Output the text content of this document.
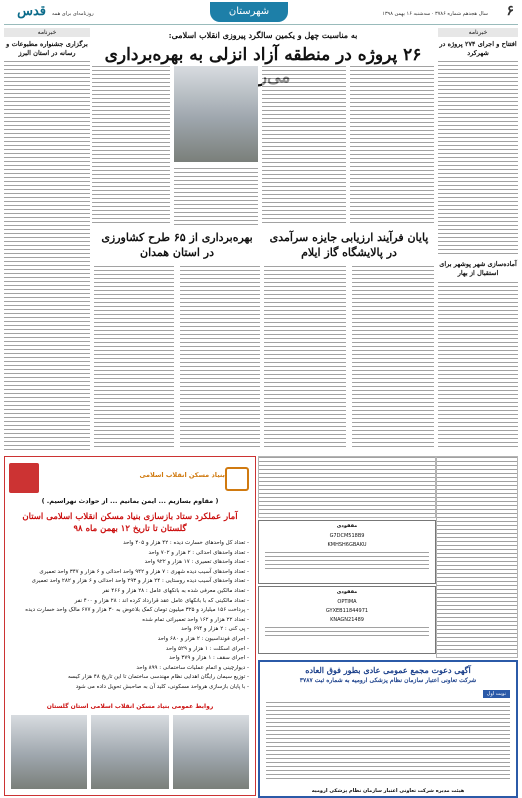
۶
سال هجدهم شماره ۳۷۸۶ · سه‌شنبه ۱۶ بهمن ۱۳۹۸
شهرستان
روزنامه‌ای برای همه
قدس
خبرنامه
افتتاح و اجرای ۲۷۴ پروژه در شهرکرد
آماده‌سازی شهر پوشهر برای استقبال از بهار
به مناسبت چهل و یکمین سالگرد پیروزی انقلاب اسلامی:
۲۶ پروژه در منطقه آزاد انزلی به بهره‌برداری
خبرنامه
برگزاری جشنواره مطبوعات و رسانه در استان البرز
پایان فرآیند ارزیابی جایزه سرآمدی در پالایشگاه گاز ایلام
بهره‌برداری از ۶۵ طرح کشاورزی در استان همدان
بنیاد مسکن انقلاب اسلامی
( مقاوم بسازیم ... ایمن بمانیم ... از حوادث نهراسیم. )
آمار عملکرد ستاد بازسازی بنیاد مسکن انقلاب اسلامی استان گلستان تا تاریخ ۱۲ بهمن ماه ۹۸
- تعداد کل واحدهای خسارت دیده : ۴۲ هزار و ۴۰۵ واحد
- تعداد واحدهای احداثی : ۲ هزار و ۷۰۲ واحد
- تعداد واحدهای تعمیری : ۱۷ هزار و ۹۲۲ واحد
- تعداد واحدهای آسیب دیده شهری : ۷ هزار و ۹۴۲ واحد احداثی و ۶ هزار و ۳۴۷ واحد تعمیری
- تعداد واحدهای آسیب دیده روستایی : ۲۴ هزار و ۲۹۳ واحد احداثی و ۶ هزار و ۲۸۲ واحد تعمیری
- تعداد مالکین معرفی شده به بانکهای عامل : ۲۸ هزار و ۴۶۶ نفر
- تعداد مالکینی که با بانکهای عامل عقد قرارداد کرده اند : ۲۸ هزار و ۴۰۰ نفر
- پرداخت ۱۵۶ میلیارد و ۳۲۵ میلیون تومان کمک بلاعوض به ۳۰ هزار و ۶۷۷ مالک واحد خسارت دیده
- تعداد ۲۲ هزار و ۱۶۲ واحد تعمیراتی تمام شده
- پی کنی : ۲ هزار و ۶۹۴ واحد
- اجرای فونداسیون : ۲ هزار و ۶۸۰ واحد
- اجرای اسکلت : ۱ هزار و ۵۲۹ واحد
- اجرای سقف : ۱ هزار و ۳۷۹ واحد
- دیوارچینی و اتمام عملیات ساختمانی : ۸۹۹ واحد
- توزیع سیمان رایگان اهدایی نظام مهندسی ساختمان تا این تاریخ ۴۸ هزار کیسه
- با پایان بازسازی هرواحد مسکونی، کلید آن به صاحبش تحویل داده می شود
روابط عمومی بنیاد مسکن انقلاب اسلامی استان گلستان
مفقودی
G7DCM518B9
KMHSH6GBAKU
مفقودی
OPTIMA
GYXEB11844971
KNAGN21489
آگهی دعوت مجمع عمومی عادی بطور فوق العاده
شرکت تعاونی اعتبار سازمان نظام پزشکی ارومیه به شماره ثبت ۳۷۸۷
نوبت اول
هیئت مدیره شرکت تعاونی اعتبار سازمان نظام پزشکی ارومیه
